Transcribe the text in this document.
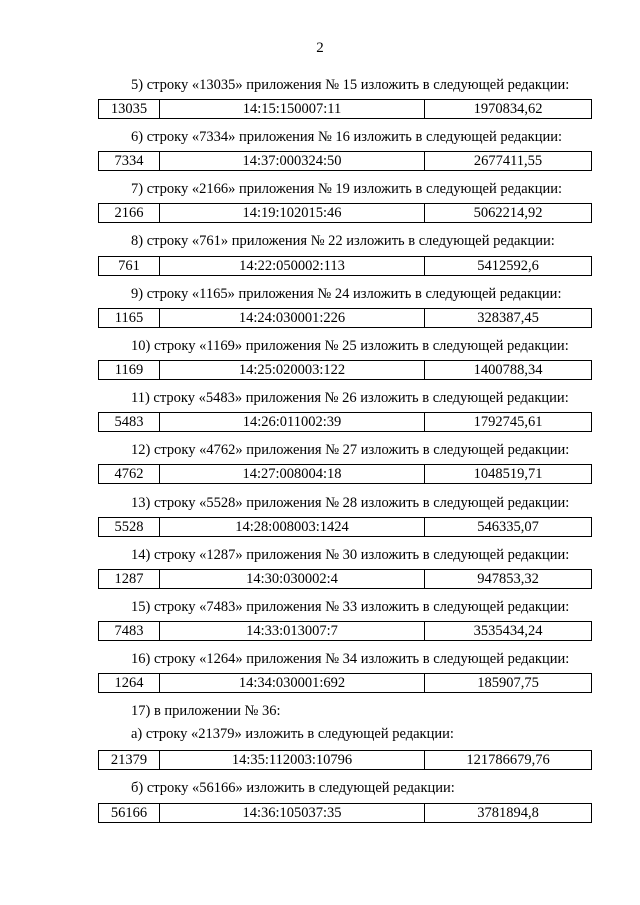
2
5) строку «13035» приложения № 15 изложить в следующей редакции:
13035	14:15:150007:11	1970834,62
6) строку «7334» приложения № 16 изложить в следующей редакции:
7334	14:37:000324:50	2677411,55
7) строку «2166» приложения № 19 изложить в следующей редакции:
2166	14:19:102015:46	5062214,92
8) строку «761» приложения № 22 изложить в следующей редакции:
761	14:22:050002:113	5412592,6
9) строку «1165» приложения № 24 изложить в следующей редакции:
1165	14:24:030001:226	328387,45
10) строку «1169» приложения № 25 изложить в следующей редакции:
1169	14:25:020003:122	1400788,34
11) строку «5483» приложения № 26 изложить в следующей редакции:
5483	14:26:011002:39	1792745,61
12) строку «4762» приложения № 27 изложить в следующей редакции:
4762	14:27:008004:18	1048519,71
13) строку «5528» приложения № 28 изложить в следующей редакции:
5528	14:28:008003:1424	546335,07
14) строку «1287» приложения № 30 изложить в следующей редакции:
1287	14:30:030002:4	947853,32
15) строку «7483» приложения № 33 изложить в следующей редакции:
7483	14:33:013007:7	3535434,24
16) строку «1264» приложения № 34 изложить в следующей редакции:
1264	14:34:030001:692	185907,75
17) в приложении № 36:
а) строку «21379» изложить в следующей редакции:
21379	14:35:112003:10796	121786679,76
б) строку «56166» изложить в следующей редакции:
56166	14:36:105037:35	3781894,8
